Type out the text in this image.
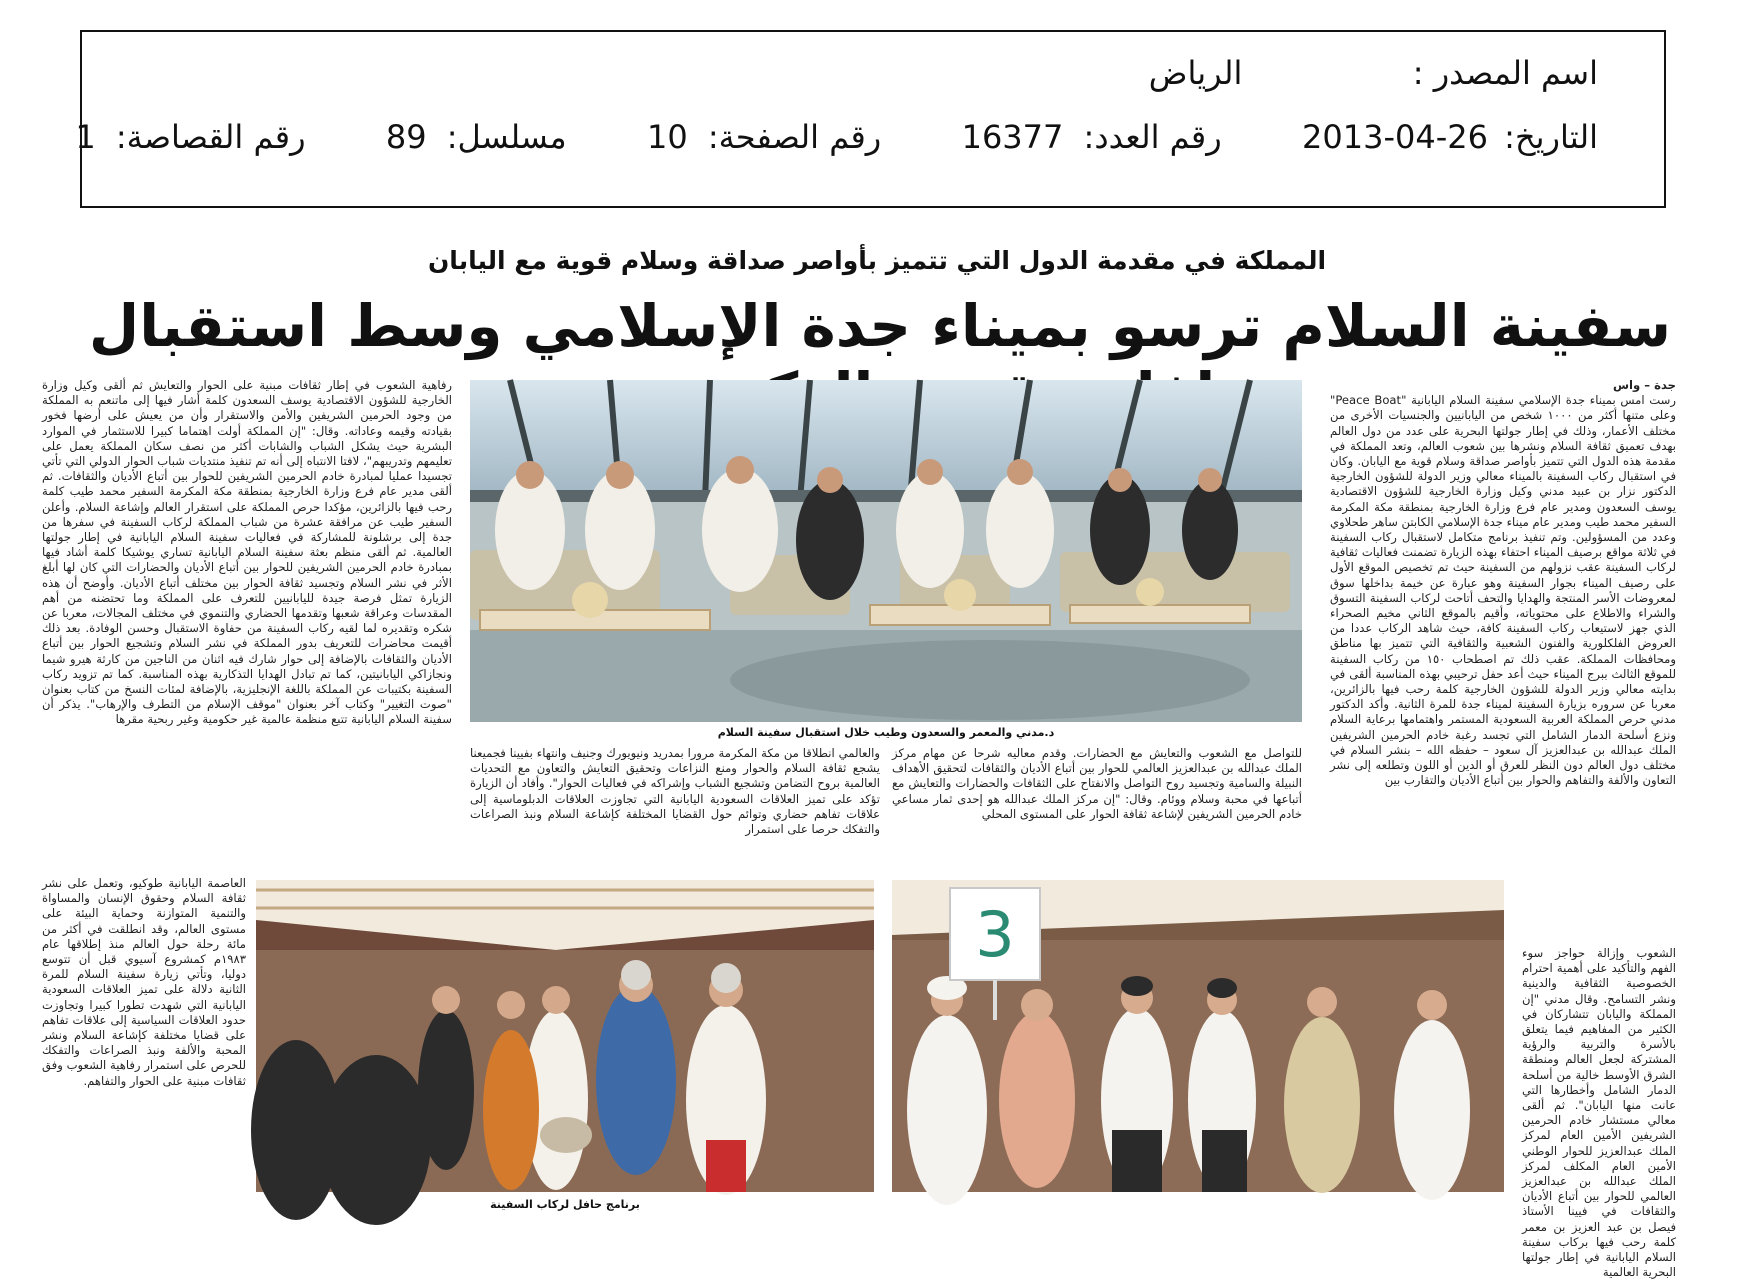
اسم المصدر :  الرياض
التاريخ: 2013-04-26  رقم العدد: 16377  رقم الصفحة: 10  مسلسل: 89  رقم القصاصة: 1
المملكة في مقدمة الدول التي تتميز بأواصر صداقة وسلام قوية مع اليابان
سفينة السلام ترسو بميناء جدة الإسلامي وسط استقبال
جدة – واس
رست امس بميناء جدة الإسلامي سفينة السلام اليابانية "Peace Boat" وعلى متنها أكثر من ١٠٠٠ شخص من اليابانيين والجنسيات الأخرى من مختلف الأعمار، وذلك في إطار جولتها البحرية على عدد من دول العالم بهدف تعميق ثقافة السلام ونشرها بين شعوب العالم، وتعد المملكة في مقدمة هذه الدول التي تتميز بأواصر صداقة وسلام قوية مع اليابان. وكان في استقبال ركاب السفينة بالميناء معالي وزير الدولة للشؤون الخارجية الدكتور نزار بن عبيد مدني وكيل وزارة الخارجية للشؤون الاقتصادية يوسف السعدون ومدير عام فرع وزارة الخارجية بمنطقة مكة المكرمة السفير محمد طيب ومدير عام ميناء جدة الإسلامي الكابتن ساهر طحلاوي وعدد من المسؤولين. وتم تنفيذ برنامج متكامل لاستقبال ركاب السفينة في ثلاثة مواقع برصيف الميناء احتفاء بهذه الزيارة تضمنت فعاليات ثقافية لركاب السفينة عقب نزولهم من السفينة حيث تم تخصيص الموقع الأول على رصيف الميناء بجوار السفينة وهو عبارة عن خيمة بداخلها سوق لمعروضات الأسر المنتجة والهدايا والتحف أتاحت لركاب السفينة التسوق والشراء والاطلاع على محتوياته، وأقيم بالموقع الثاني مخيم الصحراء الذي جهز لاستيعاب ركاب السفينة كافة، حيث شاهد الركاب عددا من العروض الفلكلورية والفنون الشعبية والثقافية التي تتميز بها مناطق ومحافظات المملكة. عقب ذلك تم اصطحاب ١٥٠ من ركاب السفينة للموقع الثالث ببرج الميناء حيث أعد حفل ترحيبي بهذه المناسبة ألقى في بدايته معالي وزير الدولة للشؤون الخارجية كلمة رحب فيها بالزائرين، معربا عن سروره بزيارة السفينة لميناء جدة للمرة الثانية. وأكد الدكتور مدني حرص المملكة العربية السعودية المستمر واهتمامها برعاية السلام ونزع أسلحة الدمار الشامل التي تجسد رغبة خادم الحرمين الشريفين الملك عبدالله بن عبدالعزيز آل سعود – حفظه الله – بنشر السلام في مختلف دول العالم دون النظر للعرق أو الدين أو اللون وتطلعه إلى نشر التعاون والألفة والتفاهم والحوار بين أتباع الأديان والتقارب بين
الشعوب وإزالة حواجز سوء الفهم والتأكيد على أهمية احترام الخصوصية الثقافية والدينية ونشر التسامح. وقال مدني "إن المملكة واليابان تتشاركان في الكثير من المفاهيم فيما يتعلق بالأسرة والتربية والرؤية المشتركة لجعل العالم ومنطقة الشرق الأوسط خالية من أسلحة الدمار الشامل وأخطارها التي عانت منها اليابان". ثم ألقى معالي مستشار خادم الحرمين الشريفين الأمين العام لمركز الملك عبدالعزيز للحوار الوطني الأمين العام المكلف لمركز الملك عبدالله بن عبدالعزيز العالمي للحوار بين أتباع الأديان والثقافات في فيينا الأستاذ فيصل بن عبد العزيز بن معمر كلمة رحب فيها بركاب سفينة السلام اليابانية في إطار جولتها البحرية العالمية
د.مدني والمعمر والسعدون وطيب خلال استقبال سفينة السلام
للتواصل مع الشعوب والتعايش مع الحضارات. وقدم معاليه شرحا عن مهام مركز الملك عبدالله بن عبدالعزيز العالمي للحوار بين أتباع الأديان والثقافات لتحقيق الأهداف النبيلة والسامية وتجسيد روح التواصل والانفتاح على الثقافات والحضارات والتعايش مع أتباعها في محبة وسلام ووئام. وقال: "إن مركز الملك عبدالله هو إحدى ثمار مساعي خادم الحرمين الشريفين لإشاعة ثقافة الحوار على المستوى المحلي
والعالمي انطلاقا من مكة المكرمة مرورا بمدريد ونيويورك وجنيف وانتهاء بفيينا فجميعنا يشجع ثقافة السلام والحوار ومنع النزاعات وتحقيق التعايش والتعاون مع التحديات العالمية بروح التضامن وتشجيع الشباب وإشراكه في فعاليات الحوار". وأفاد أن الزيارة تؤكد على تميز العلاقات السعودية اليابانية التي تجاوزت العلاقات الدبلوماسية إلى علاقات تفاهم حضاري وتوائم حول القضايا المختلفة كإشاعة السلام ونبذ الصراعات والتفكك حرصا على استمرار
رفاهية الشعوب في إطار ثقافات مبنية على الحوار والتعايش ثم ألقى وكيل وزارة الخارجية للشؤون الاقتصادية يوسف السعدون كلمة أشار فيها إلى ماتنعم به المملكة من وجود الحرمين الشريفين والأمن والاستقرار وأن من يعيش على أرضها فخور بقيادته وقيمه وعاداته. وقال: "إن المملكة أولت اهتماما كبيرا للاستثمار في الموارد البشرية حيث يشكل الشباب والشابات أكثر من نصف سكان المملكة يعمل على تعليمهم وتدريبهم"، لافتا الانتباه إلى أنه تم تنفيذ منتديات شباب الحوار الدولي التي تأتي تجسيدا عمليا لمبادرة خادم الحرمين الشريفين للحوار بين أتباع الأديان والثقافات. ثم ألقى مدير عام فرع وزارة الخارجية بمنطقة مكة المكرمة السفير محمد طيب كلمة رحب فيها بالزائرين، مؤكدا حرص المملكة على استقرار العالم وإشاعة السلام. وأعلن السفير طيب عن مرافقة عشرة من شباب المملكة لركاب السفينة في سفرها من جدة إلى برشلونة للمشاركة في فعاليات سفينة السلام اليابانية في إطار جولتها العالمية. ثم ألقى منظم بعثة سفينة السلام اليابانية تساري يوشيكا كلمة أشاد فيها بمبادرة خادم الحرمين الشريفين للحوار بين أتباع الأديان والحضارات التي كان لها أبلغ الأثر في نشر السلام وتجسيد ثقافة الحوار بين مختلف أتباع الأديان. وأوضح أن هذه الزيارة تمثل فرصة جيدة لليابانيين للتعرف على المملكة وما تحتضنه من أهم المقدسات وعراقة شعبها وتقدمها الحضاري والتنموي في مختلف المجالات، معربا عن شكره وتقديره لما لقيه ركاب السفينة من حفاوة الاستقبال وحسن الوفادة. بعد ذلك أقيمت محاضرات للتعريف بدور المملكة في نشر السلام وتشجيع الحوار بين أتباع الأديان والثقافات بالإضافة إلى حوار شارك فيه اثنان من الناجين من كارثة هيرو شيما ونجازاكي اليابانيتين، كما تم تبادل الهدايا التذكارية بهذه المناسبة. كما تم تزويد ركاب السفينة بكتيبات عن المملكة باللغة الإنجليزية، بالإضافة لمئات النسخ من كتاب بعنوان "صوت التغيير" وكتاب آخر بعنوان "موقف الإسلام من التطرف والإرهاب". يذكر أن سفينة السلام اليابانية تتبع منظمة عالمية غير حكومية وغير ربحية مقرها
العاصمة اليابانية طوكيو، وتعمل على نشر ثقافة السلام وحقوق الإنسان والمساواة والتنمية المتوازنة وحماية البيئة على مستوى العالم، وقد انطلقت في أكثر من مائة رحلة حول العالم منذ إطلاقها عام ١٩٨٣م كمشروع آسيوي قبل أن تتوسع دوليا، وتأتي زيارة سفينة السلام للمرة الثانية دلالة على تميز العلاقات السعودية اليابانية التي شهدت تطورا كبيرا وتجاوزت حدود العلاقات السياسية إلى علاقات تفاهم على قضايا مختلفة كإشاعة السلام ونشر المحبة والألفة ونبذ الصراعات والتفكك للحرص على استمرار رفاهية الشعوب وفق ثقافات مبنية على الحوار والتفاهم.
3
برنامج حافل لركاب السفينة
